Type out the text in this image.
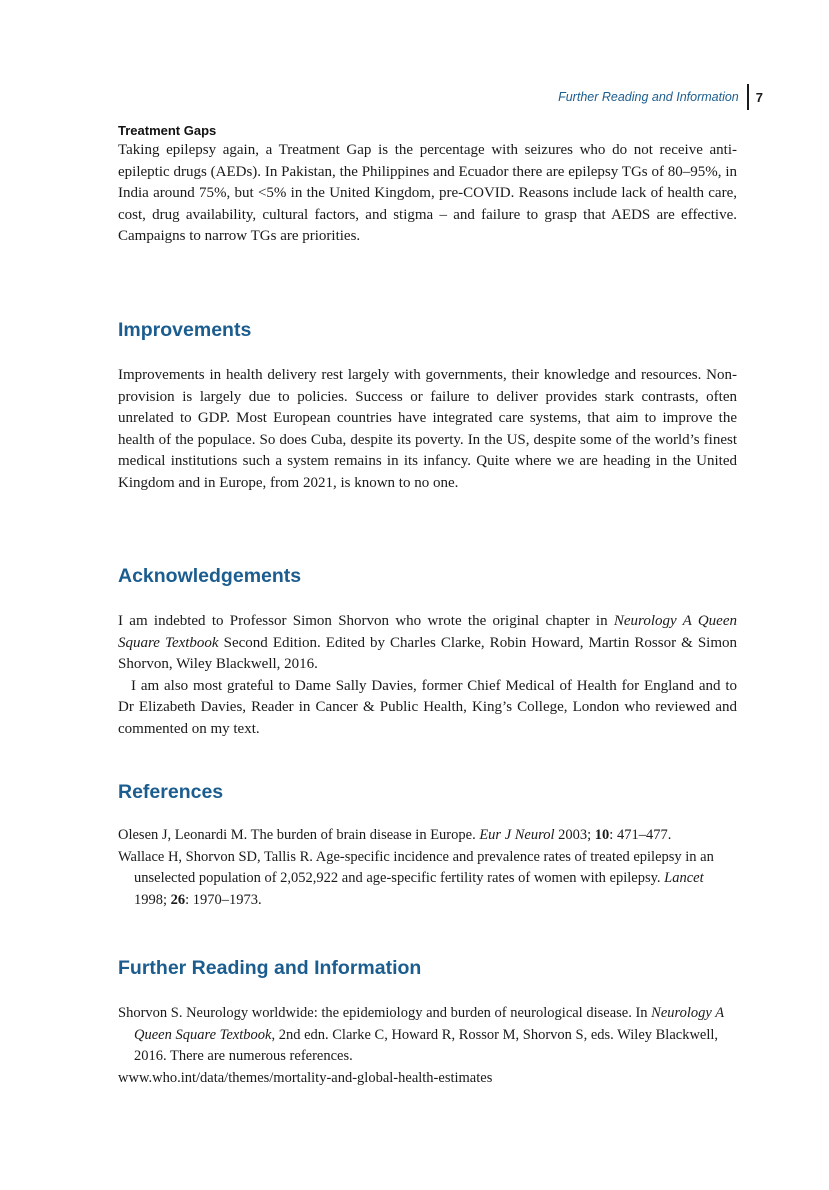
Further Reading and Information	7
Treatment Gaps

Taking epilepsy again, a Treatment Gap is the percentage with seizures who do not receive anti-epileptic drugs (AEDs). In Pakistan, the Philippines and Ecuador there are epilepsy TGs of 80–95%, in India around 75%, but <5% in the United Kingdom, pre-COVID. Reasons include lack of health care, cost, drug availability, cultural factors, and stigma – and failure to grasp that AEDS are effective. Campaigns to narrow TGs are priorities.

Improvements

Improvements in health delivery rest largely with governments, their knowledge and resources. Non-provision is largely due to policies. Success or failure to deliver provides stark contrasts, often unrelated to GDP. Most European countries have integrated care systems, that aim to improve the health of the populace. So does Cuba, despite its poverty. In the US, despite some of the world’s finest medical institutions such a system remains in its infancy. Quite where we are heading in the United Kingdom and in Europe, from 2021, is known to no one.

Acknowledgements

I am indebted to Professor Simon Shorvon who wrote the original chapter in Neurology A Queen Square Textbook Second Edition. Edited by Charles Clarke, Robin Howard, Martin Rossor & Simon Shorvon, Wiley Blackwell, 2016.

I am also most grateful to Dame Sally Davies, former Chief Medical of Health for England and to Dr Elizabeth Davies, Reader in Cancer & Public Health, King’s College, London who reviewed and commented on my text.

References

Olesen J, Leonardi M. The burden of brain disease in Europe. Eur J Neurol 2003; 10: 471–477.

Wallace H, Shorvon SD, Tallis R. Age-specific incidence and prevalence rates of treated epilepsy in an unselected population of 2,052,922 and age-specific fertility rates of women with epilepsy. Lancet 1998; 26: 1970–1973.

Further Reading and Information

Shorvon S. Neurology worldwide: the epidemiology and burden of neurological disease. In Neurology A Queen Square Textbook, 2nd edn. Clarke C, Howard R, Rossor M, Shorvon S, eds. Wiley Blackwell, 2016. There are numerous references.

www.who.int/data/themes/mortality-and-global-health-estimates
